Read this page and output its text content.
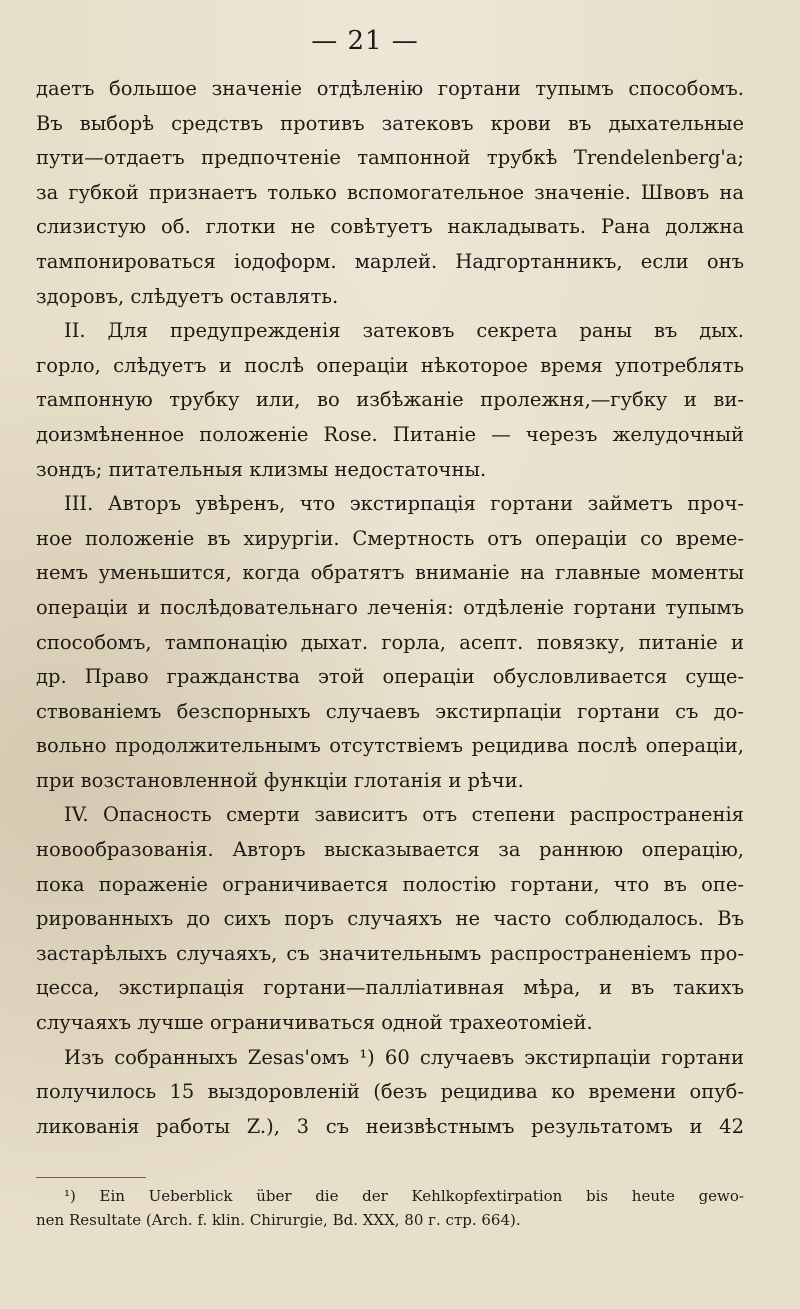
— 21 —
даетъ большое значеніе отдѣленію гортани тупымъ способомъ.
Въ выборѣ средствъ противъ затековъ крови въ дыхательные
пути—отдаетъ предпочтеніе тампонной трубкѣ Trendelenberg'a;
за губкой признаетъ только вспомогательное значеніе. Швовъ на
слизистую об. глотки не совѣтуетъ накладывать. Рана должна
тампонироваться іодоформ. марлей. Надгортанникъ, если онъ
здоровъ, слѣдуетъ оставлять.
II. Для предупрежденія затековъ секрета раны въ дых.
горло, слѣдуетъ и послѣ операціи нѣкоторое время употреблять
тампонную трубку или, во избѣжаніе пролежня,—губку и ви-
доизмѣненное положеніе Rose. Питаніе — черезъ желудочный
зондъ; питательныя клизмы недостаточны.
III. Авторъ увѣренъ, что экстирпація гортани займетъ проч-
ное положеніе въ хирургіи. Смертность отъ операціи со време-
немъ уменьшится, когда обратятъ вниманіе на главные моменты
операціи и послѣдовательнаго леченія: отдѣленіе гортани тупымъ
способомъ, тампонацію дыхат. горла, асепт. повязку, питаніе и
др. Право гражданства этой операціи обусловливается суще-
ствованіемъ безспорныхъ случаевъ экстирпаціи гортани съ до-
вольно продолжительнымъ отсутствіемъ рецидива послѣ операціи,
при возстановленной функціи глотанія и рѣчи.
IV. Опасность смерти зависитъ отъ степени распространенія
новообразованія. Авторъ высказывается за раннюю операцію,
пока пораженіе ограничивается полостію гортани, что въ опе-
рированныхъ до сихъ поръ случаяхъ не часто соблюдалось. Въ
застарѣлыхъ случаяхъ, съ значительнымъ распространеніемъ про-
цесса, экстирпація гортани—палліативная мѣра, и въ такихъ
случаяхъ лучше ограничиваться одной трахеотоміей.
Изъ собранныхъ Zesas'омъ ¹) 60 случаевъ экстирпаціи гортани
получилось 15 выздоровленій (безъ рецидива ко времени опуб-
ликованія работы Z.), 3 съ неизвѣстнымъ результатомъ и 42
¹) Ein Ueberblick über die der Kehlkopfextirpation bis heute gewo-
nen Resultate (Arch. f. klin. Chirurgie, Bd. XXX, 80 г. стр. 664).
